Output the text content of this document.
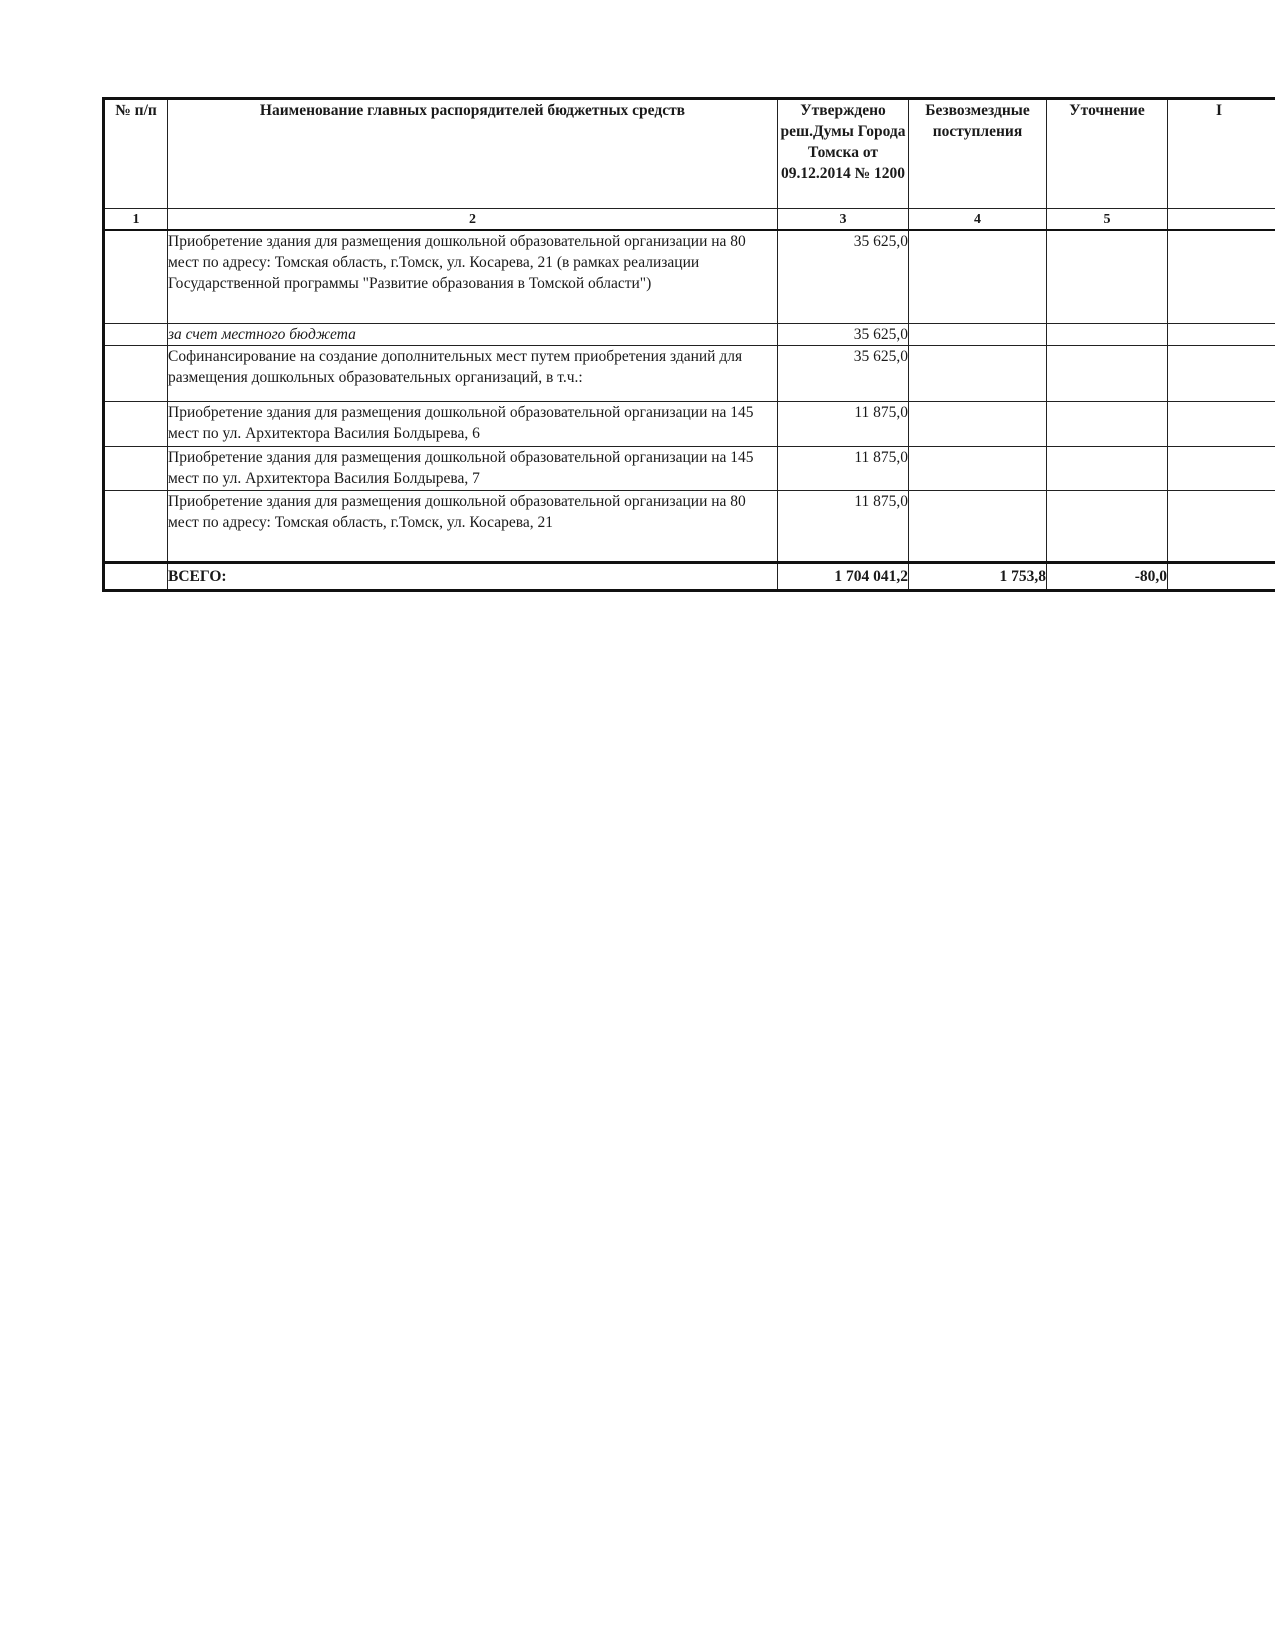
№ п/п	Наименование главных распорядителей бюджетных средств	Утверждено реш.Думы Города Томска от 09.12.2014 № 1200	Безвозмездные поступления	Уточнение	I
1	2	3	4	5	
	Приобретение здания для размещения дошкольной образовательной организации на 80 мест по адресу: Томская область, г.Томск, ул. Косарева, 21 (в рамках реализации Государственной программы "Развитие образования в Томской области")	35 625,0			
	за счет местного бюджета	35 625,0			
	Софинансирование на создание дополнительных мест путем приобретения зданий для размещения дошкольных образовательных организаций, в т.ч.:	35 625,0			
	Приобретение здания для размещения дошкольной образовательной организации на 145 мест по ул. Архитектора Василия Болдырева, 6	11 875,0			
	Приобретение здания для размещения дошкольной образовательной организации на 145 мест по ул. Архитектора Василия Болдырева, 7	11 875,0			
	Приобретение здания для размещения дошкольной образовательной организации на 80 мест по адресу: Томская область, г.Томск, ул. Косарева, 21	11 875,0			
	ВСЕГО:	1 704 041,2	1 753,8	-80,0	
